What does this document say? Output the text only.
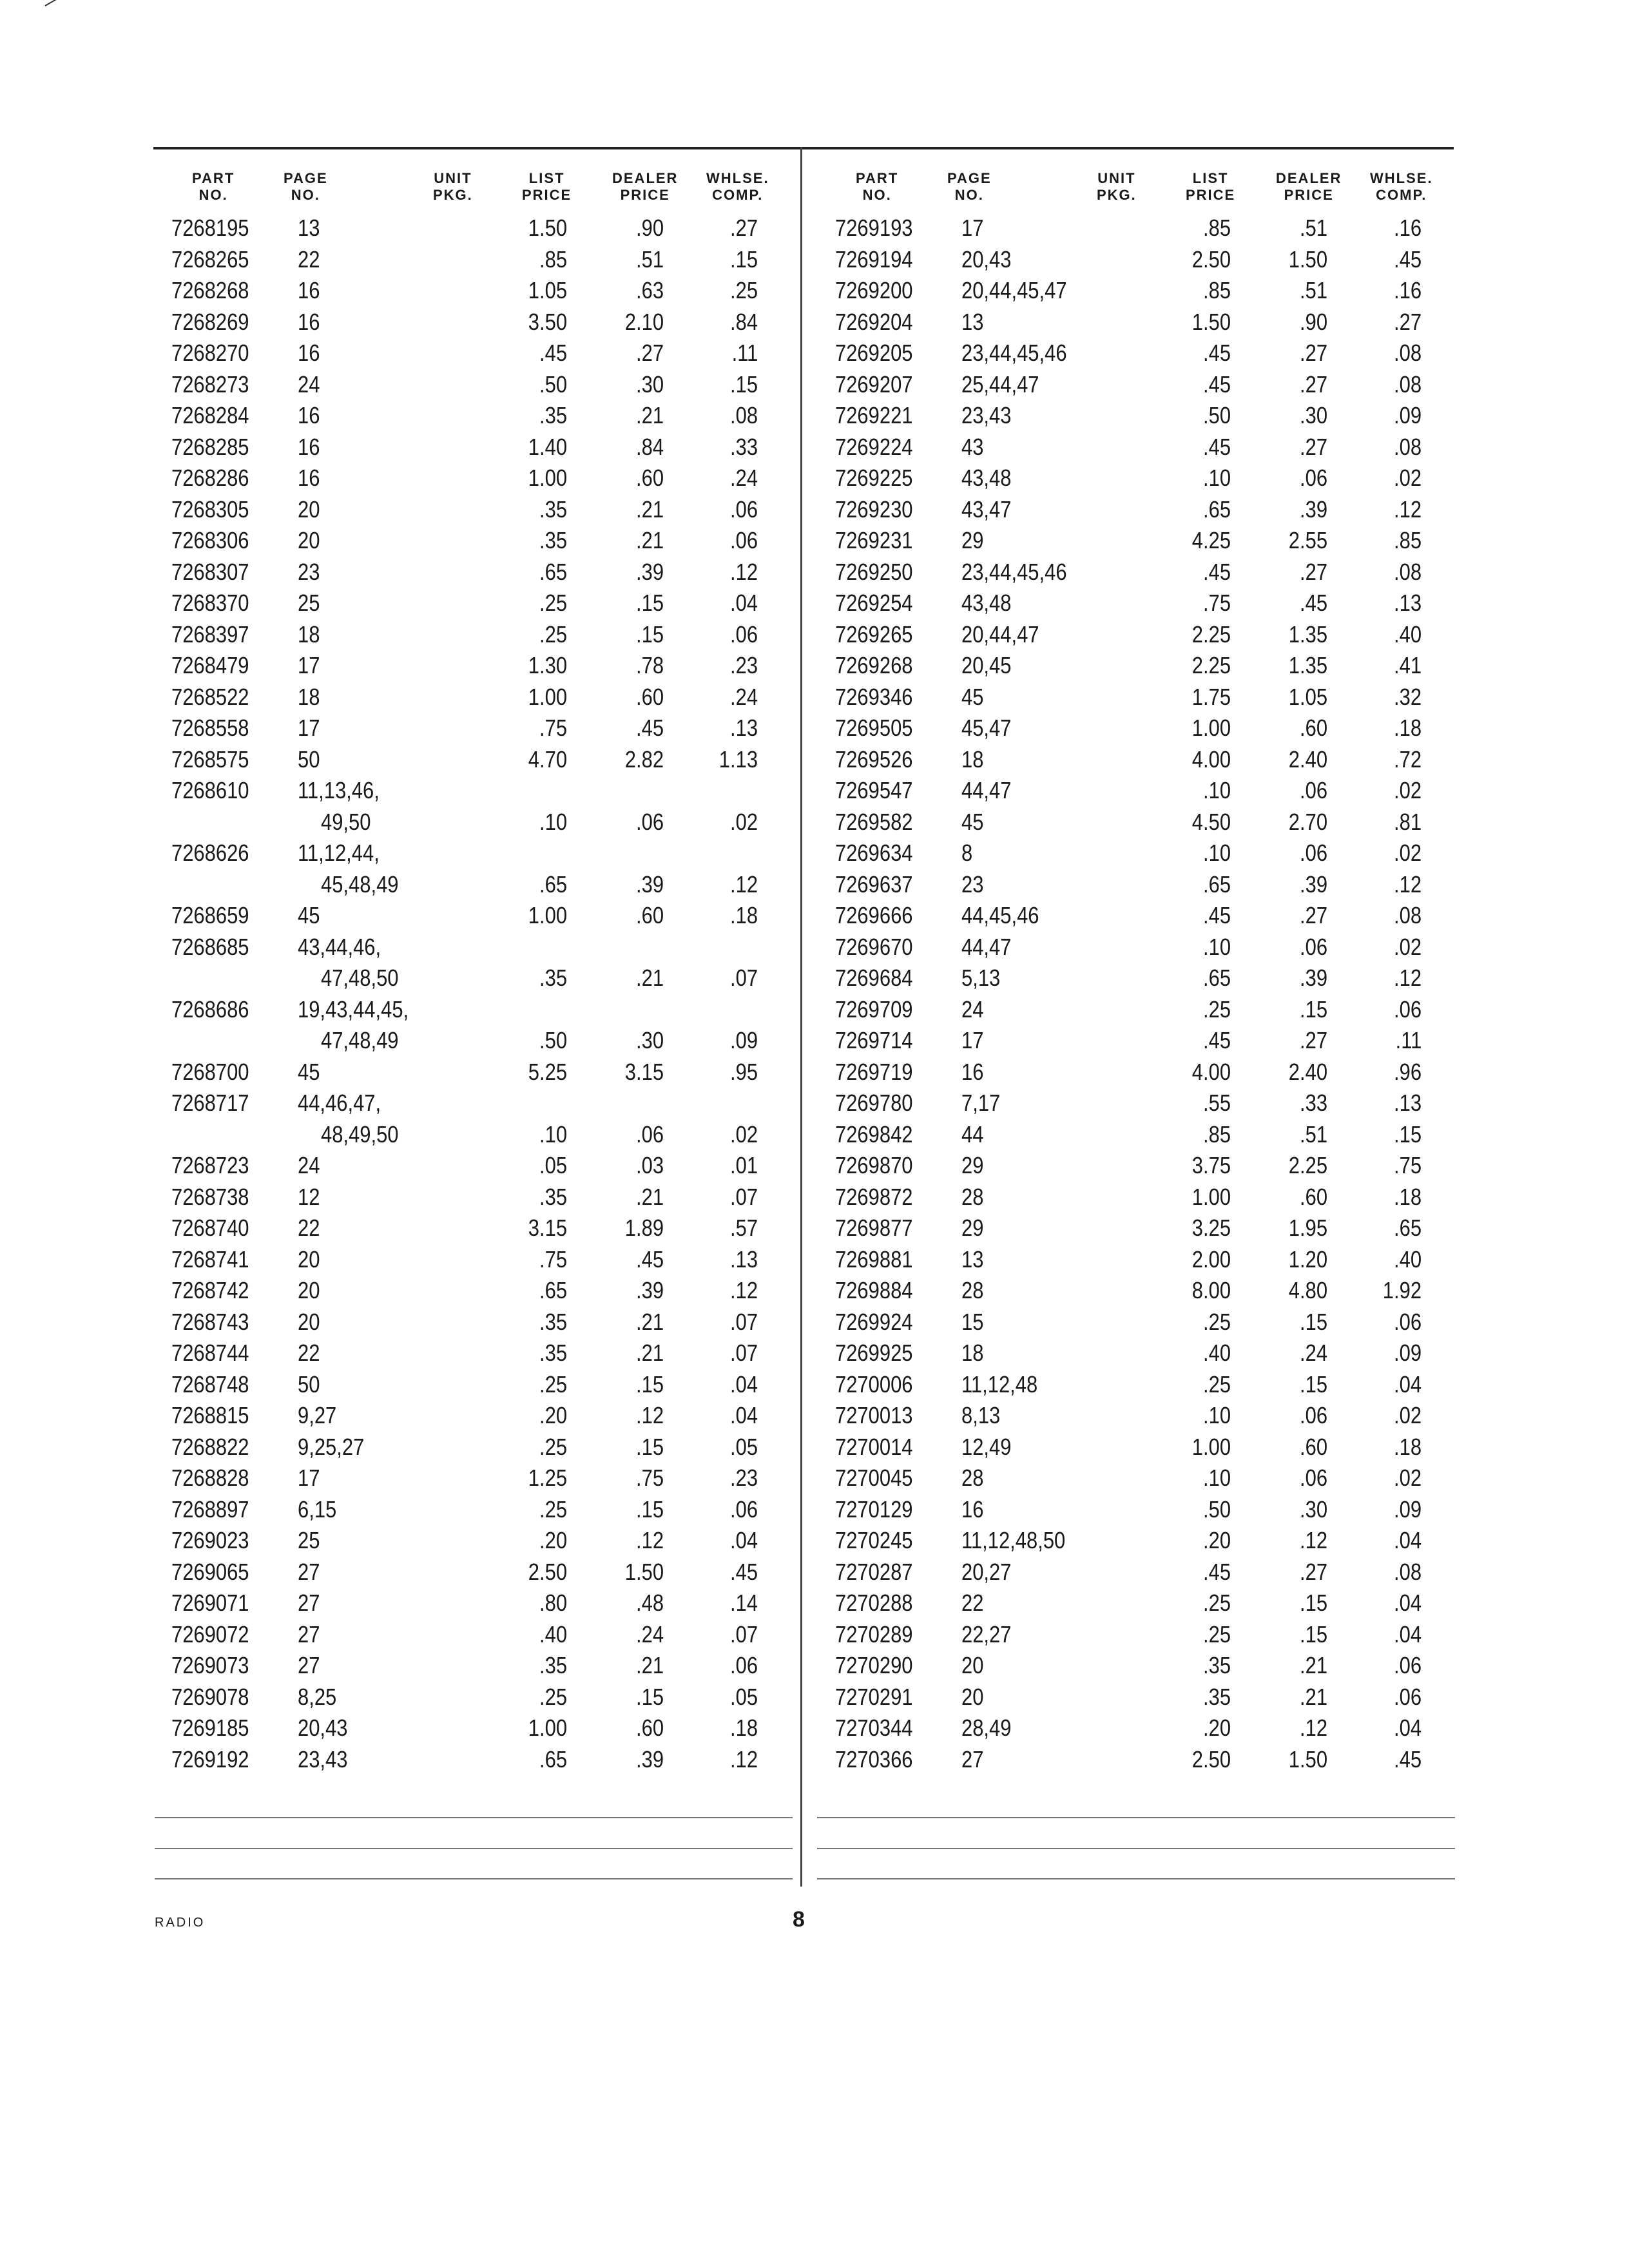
PART
NO.
PAGE
NO.
UNIT
PKG.
LIST
PRICE
DEALER
PRICE
WHLSE.
COMP.
7268195 13	1.50	.90	.27
7268265 22	.85	.51	.15
7268268 16	1.05	.63	.25
7268269 16	3.50 2.10	.84
7268270 16	.45	.27	.11
7268273 24	.50	.30	.15
7268284 16	.35	.21	.08
7268285 16	1.40	.84	.33
7268286 16	1.00	.60	.24
7268305 20	.35	.21	.06
7268306 20	.35	.21	.06
7268307 23	.65	.39	.12
7268370 25	.25	.15	.04
7268397 18	.25	.15	.06
7268479 17	1.30	.78	.23
7268522 18	1.00	.60	.24
7268558 17	.75	.45	.13
7268575 50	4.70 2.82 1.13
7268610 11,13,46,
49,50	.10	.06	.02
7268626 11,12,44,
45,48,49	.65	.39	.12
7268659 45	1.00	.60	.18
7268685 43,44,46,
47,48,50	.35	.21	.07
7268686 19,43,44,45,
47,48,49	.50	.30	.09
7268700 45	5.25 3.15	.95
7268717 44,46,47,
48,49,50	.10	.06	.02
7268723 24	.05	.03	.01
7268738 12	.35	.21	.07
7268740 22	3.15 1.89	.57
7268741 20	.75	.45	.13
7268742 20	.65	.39	.12
7268743 20	.35	.21	.07
7268744 22	.35	.21	.07
7268748 50	.25	.15	.04
7268815 9,27	.20	.12	.04
7268822 9,25,27	.25	.15	.05
7268828 17	1.25	.75	.23
7268897 6,15	.25	.15	.06
7269023 25	.20	.12	.04
7269065 27	2.50 1.50	.45
7269071 27	.80	.48	.14
7269072 27	.40	.24	.07
7269073 27	.35	.21	.06
7269078 8,25	.25	.15	.05
7269185 20,43	1.00	.60	.18
7269192 23,43	.65	.39	.12
PART
NO.
PAGE
NO.
UNIT
PKG.
LIST
PRICE
DEALER
PRICE
WHLSE.
COMP.
7269193 17	.85	.51	.16
7269194 20,43	2.50 1.50	.45
7269200 20,44,45,47	.85	.51	.16
7269204 13	1.50	.90	.27
7269205 23,44,45,46	.45	.27	.08
7269207 25,44,47	.45	.27	.08
7269221 23,43	.50	.30	.09
7269224 43	.45	.27	.08
7269225 43,48	.10	.06	.02
7269230 43,47	.65	.39	.12
7269231 29	4.25 2.55	.85
7269250 23,44,45,46	.45	.27	.08
7269254 43,48	.75	.45	.13
7269265 20,44,47	2.25 1.35	.40
7269268 20,45	2.25 1.35	.41
7269346 45	1.75 1.05	.32
7269505 45,47	1.00	.60	.18
7269526 18	4.00 2.40	.72
7269547 44,47	.10	.06	.02
7269582 45	4.50 2.70	.81
7269634 8	.10	.06	.02
7269637 23	.65	.39	.12
7269666 44,45,46	.45	.27	.08
7269670 44,47	.10	.06	.02
7269684 5,13	.65	.39	.12
7269709 24	.25	.15	.06
7269714 17	.45	.27	.11
7269719 16	4.00 2.40	.96
7269780 7,17	.55	.33	.13
7269842 44	.85	.51	.15
7269870 29	3.75 2.25	.75
7269872 28	1.00	.60	.18
7269877 29	3.25 1.95	.65
7269881 13	2.00 1.20	.40
7269884 28	8.00 4.80 1.92
7269924 15	.25	.15	.06
7269925 18	.40	.24	.09
7270006 11,12,48	.25	.15	.04
7270013 8,13	.10	.06	.02
7270014 12,49	1.00	.60	.18
7270045 28	.10	.06	.02
7270129 16	.50	.30	.09
7270245 11,12,48,50	.20	.12	.04
7270287 20,27	.45	.27	.08
7270288 22	.25	.15	.04
7270289 22,27	.25	.15	.04
7270290 20	.35	.21	.06
7270291 20	.35	.21	.06
7270344 28,49	.20	.12	.04
7270366 27	2.50 1.50	.45
RADIO	8
